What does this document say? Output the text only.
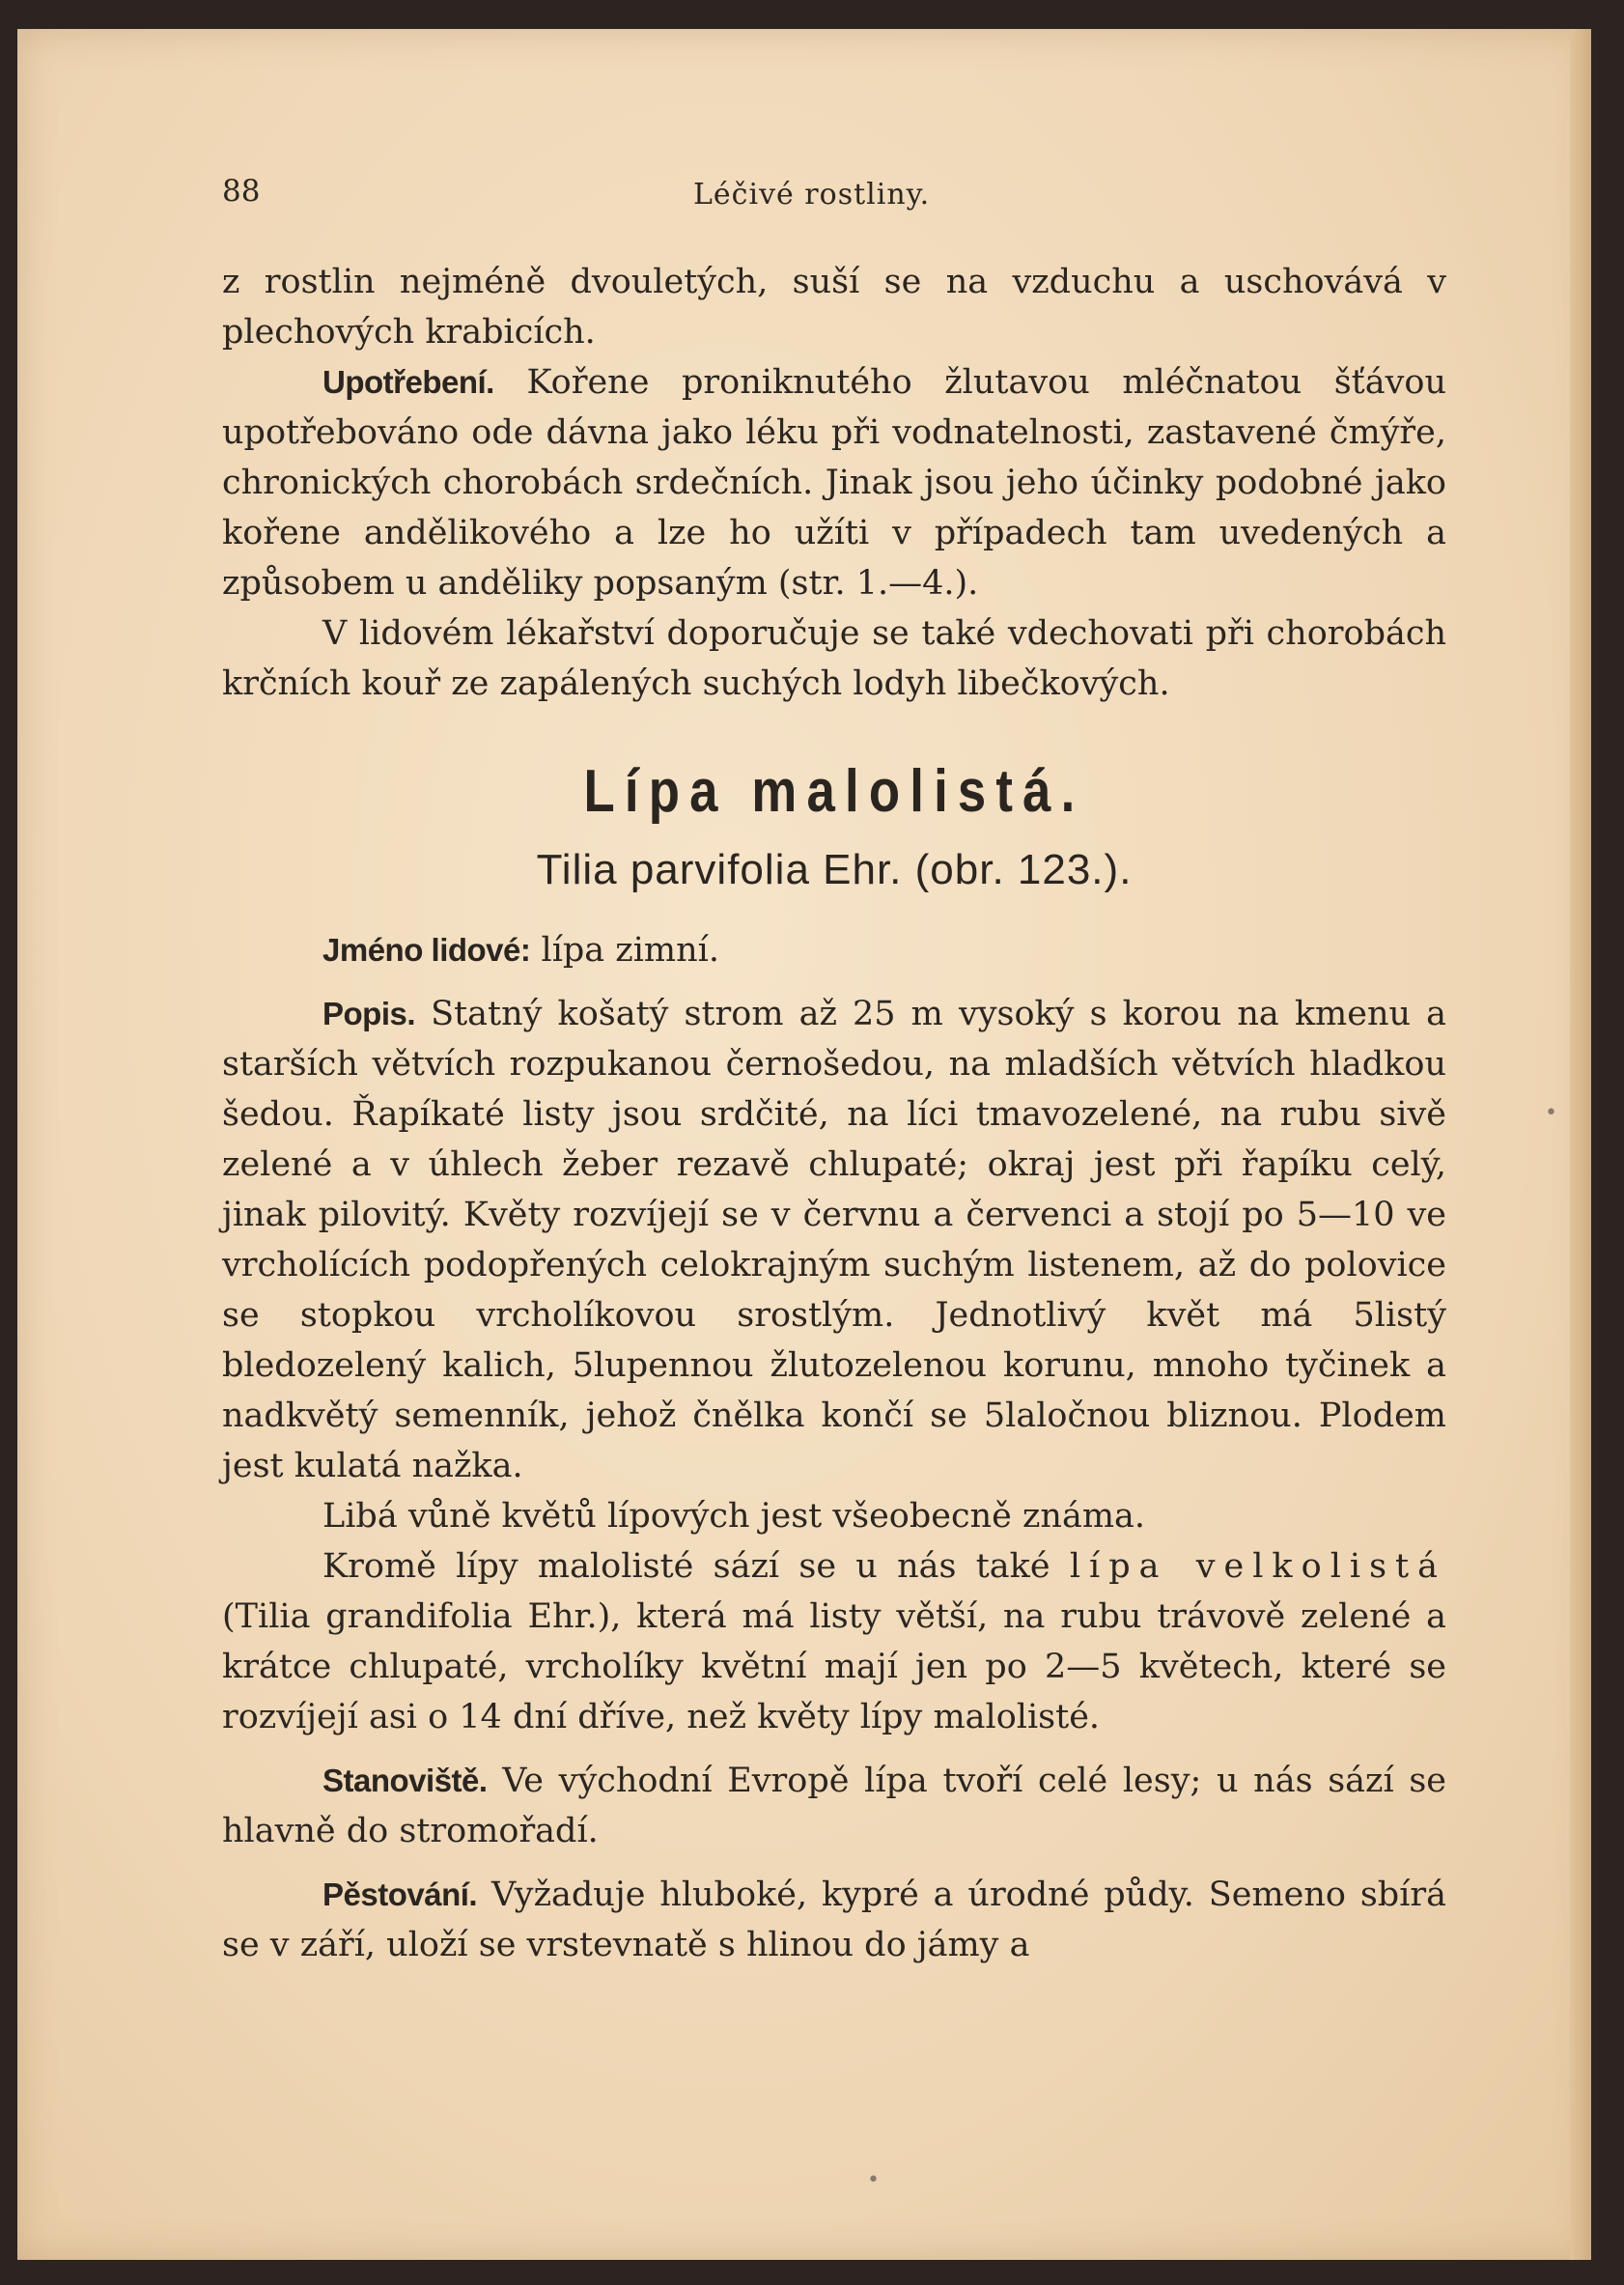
88	Léčivé rostliny.

z rostlin nejméně dvouletých, suší se na vzduchu a uschovává v plechových krabicích.

Upotřebení. Kořene proniknutého žlutavou mléčnatou šťávou upotřebováno ode dávna jako léku při vodnatelnosti, zastavené čmýře, chronických chorobách srdečních. Jinak jsou jeho účinky podobné jako kořene andělikového a lze ho užíti v případech tam uvedených a způsobem u anděliky popsaným (str. 1.—4.).

V lidovém lékařství doporučuje se také vdechovati při chorobách krčních kouř ze zapálených suchých lodyh libečkových.

Lípa malolistá.
Tilia parvifolia Ehr. (obr. 123.).

Jméno lidové: lípa zimní.

Popis. Statný košatý strom až 25 m vysoký s korou na kmenu a starších větvích rozpukanou černošedou, na mladších větvích hladkou šedou. Řapíkaté listy jsou srdčité, na líci tmavozelené, na rubu sivě zelené a v úhlech žeber rezavě chlupaté; okraj jest při řapíku celý, jinak pilovitý. Květy rozvíjejí se v červnu a červenci a stojí po 5—10 ve vrcholících podopřených celokrajným suchým listenem, až do polovice se stopkou vrcholíkovou srostlým. Jednotlivý květ má 5listý bledozelený kalich, 5lupennou žlutozelenou korunu, mnoho tyčinek a nadkvětý semenník, jehož čnělka končí se 5laločnou bliznou. Plodem jest kulatá nažka.

Libá vůně květů lípových jest všeobecně známa.

Kromě lípy malolisté sází se u nás také lípa velkolistá (Tilia grandifolia Ehr.), která má listy větší, na rubu trávově zelené a krátce chlupaté, vrcholíky květní mají jen po 2—5 květech, které se rozvíjejí asi o 14 dní dříve, než květy lípy malolisté.

Stanoviště. Ve východní Evropě lípa tvoří celé lesy; u nás sází se hlavně do stromořadí.

Pěstování. Vyžaduje hluboké, kypré a úrodné půdy. Semeno sbírá se v září, uloží se vrstevnatě s hlinou do jámy a

•
•
